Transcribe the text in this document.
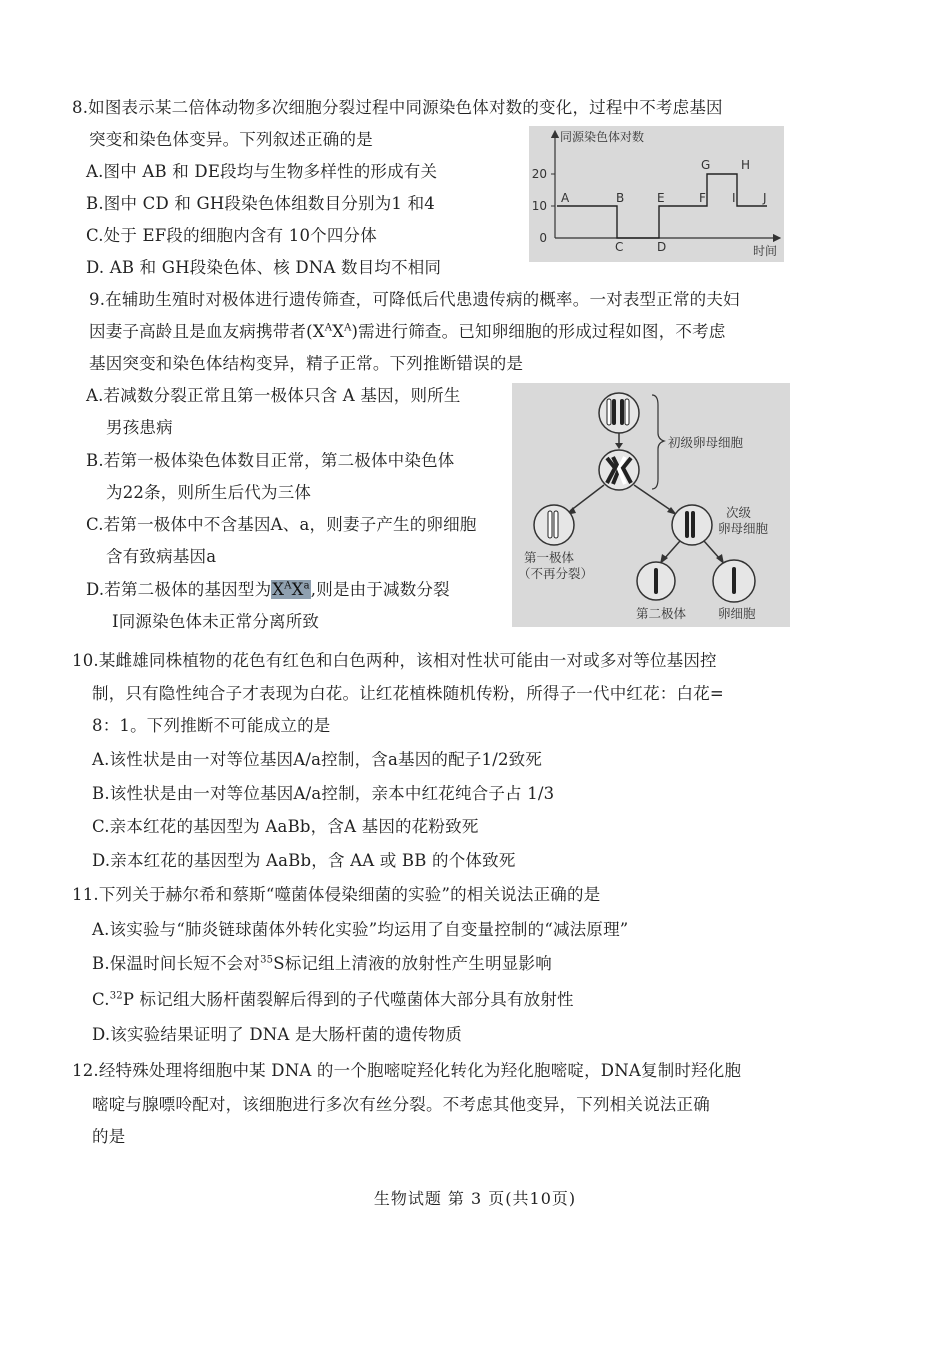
8.如图表示某二倍体动物多次细胞分裂过程中同源染色体对数的变化，过程中不考虑基因
突变和染色体变异。下列叙述正确的是
A.图中 AB 和 DE段均与生物多样性的形成有关
B.图中 CD 和 GH段染色体组数目分别为1 和4
C.处于 EF段的细胞内含有 10个四分体
D. AB 和 GH段染色体、核 DNA 数目均不相同
同源染色体对数
时间
0
10
20
A	B
C	D
E	F
G	H
I J
9.在辅助生殖时对极体进行遗传筛查，可降低后代患遗传病的概率。一对表型正常的夫妇
因妻子高龄且是血友病携带者$(X^AX^A)$需进行筛查。已知卵细胞的形成过程如图，不考虑
基因突变和染色体结构变异，精子正常。下列推断错误的是
A.若减数分裂正常且第一极体只含 A 基因，则所生
男孩患病
B.若第一极体染色体数目正常，第二极体中染色体
为22条，则所生后代为三体
C.若第一极体中不含基因A、a，则妻子产生的卵细胞
含有致病基因a
D.若第二极体的基因型为$X^AX^a$,则是由于减数分裂
Ⅰ同源染色体未正常分离所致
初级卵母细胞
第一极体
（不再分裂）
次级
卵母细胞
第二极体	卵细胞
10.某雌雄同株植物的花色有红色和白色两种，该相对性状可能由一对或多对等位基因控
制，只有隐性纯合子才表现为白花。让红花植株随机传粉，所得子一代中红花：白花=
8：1。下列推断不可能成立的是
A.该性状是由一对等位基因A/a控制，含a基因的配子1/2致死
B.该性状是由一对等位基因A/a控制，亲本中红花纯合子占 1/3
C.亲本红花的基因型为 AaBb，含A 基因的花粉致死
D.亲本红花的基因型为 AaBb，含 AA 或 BB 的个体致死
11.下列关于赫尔希和蔡斯“噬菌体侵染细菌的实验”的相关说法正确的是
A.该实验与“肺炎链球菌体外转化实验”均运用了自变量控制的“减法原理”
B.保温时间长短不会对$^{35}$S标记组上清液的放射性产生明显影响
C.$^{32}$P 标记组大肠杆菌裂解后得到的子代噬菌体大部分具有放射性
D.该实验结果证明了 DNA 是大肠杆菌的遗传物质
12.经特殊处理将细胞中某 DNA 的一个胞嘧啶羟化转化为羟化胞嘧啶，DNA复制时羟化胞
嘧啶与腺嘌呤配对，该细胞进行多次有丝分裂。不考虑其他变异，下列相关说法正确
的是
生物试题 第 3 页(共10页)
